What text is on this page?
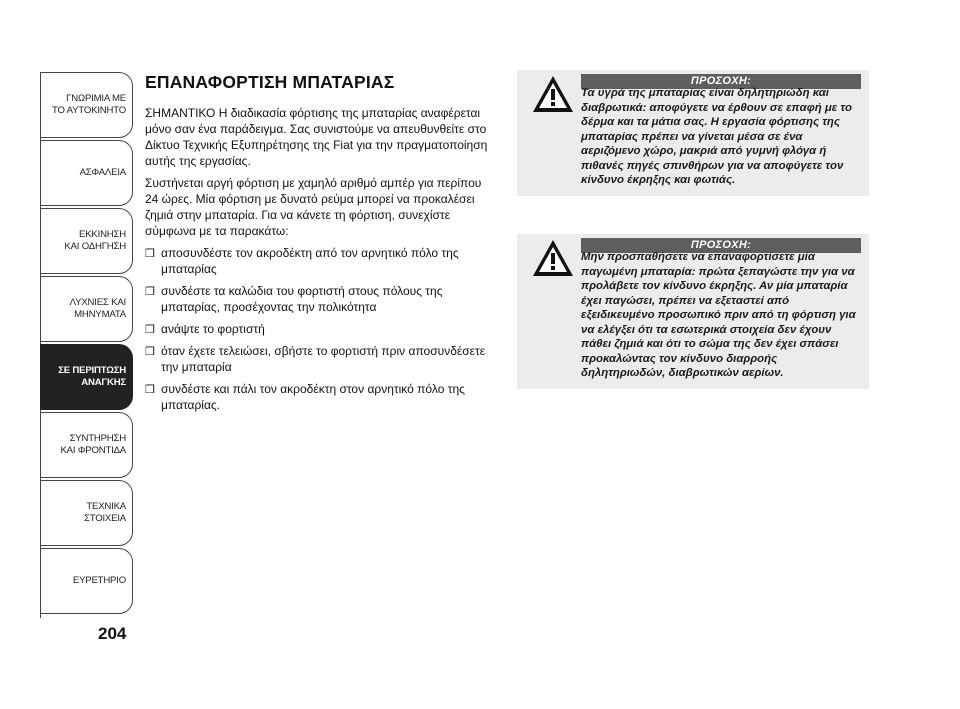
ΓΝΩΡΙΜΙΑ ΜΕ
ΤΟ ΑΥΤΟΚΙΝΗΤΟ
ΑΣΦΑΛΕΙΑ
ΕΚΚΙΝΗΣΗ
ΚΑΙ ΟΔΗΓΗΣΗ
ΛΥΧΝΙΕΣ ΚΑΙ
ΜΗΝΥΜΑΤΑ
ΣΕ ΠΕΡΙΠΤΩΣΗ
ΑΝΑΓΚΗΣ
ΣΥΝΤΗΡΗΣΗ
ΚΑΙ ΦΡΟΝΤΙΔΑ
ΤΕΧΝΙΚΑ
ΣΤΟΙΧΕΙΑ
ΕΥΡΕΤΗΡΙΟ
204
ΕΠΑΝΑΦΟΡΤΙΣΗ ΜΠΑΤΑΡΙΑΣ

ΣΗΜΑΝΤΙΚΟ Η διαδικασία φόρτισης της μπαταρίας αναφέρεται μόνο σαν ένα παράδειγμα. Σας συνιστούμε να απευθυνθείτε στο Δίκτυο Τεχνικής Εξυπηρέτησης της Fiat για την πραγματοποίηση αυτής της εργασίας.

Συστήνεται αργή φόρτιση με χαμηλό αριθμό αμπέρ για περίπου 24 ώρες. Μία φόρτιση με δυνατό ρεύμα μπορεί να προκαλέσει ζημιά στην μπαταρία. Για να κάνετε τη φόρτιση, συνεχίστε σύμφωνα με τα παρακάτω:

❒ αποσυνδέστε τον ακροδέκτη από τον αρνητικό πόλο της μπαταρίας
❒ συνδέστε τα καλώδια του φορτιστή στους πόλους της μπαταρίας, προσέχοντας την πολικότητα
❒ ανάψτε το φορτιστή
❒ όταν έχετε τελειώσει, σβήστε το φορτιστή πριν αποσυνδέσετε την μπαταρία
❒ συνδέστε και πάλι τον ακροδέκτη στον αρνητικό πόλο της μπαταρίας.
ΠΡΟΣΟΧΗ:
Τα υγρά της μπαταρίας είναι δηλητηριώδη και διαβρωτικά: αποφύγετε να έρθουν σε επαφή με το δέρμα και τα μάτια σας. Η εργασία φόρτισης της μπαταρίας πρέπει να γίνεται μέσα σε ένα αεριζόμενο χώρο, μακριά από γυμνή φλόγα ή πιθανές πηγές σπινθήρων για να αποφύγετε τον κίνδυνο έκρηξης και φωτιάς.
ΠΡΟΣΟΧΗ:
Μην προσπαθήσετε να επαναφορτίσετε μία παγωμένη μπαταρία: πρώτα ξεπαγώστε την για να προλάβετε τον κίνδυνο έκρηξης. Αν μία μπαταρία έχει παγώσει, πρέπει να εξεταστεί από εξειδικευμένο προσωπικό πριν από τη φόρτιση για να ελέγξει ότι τα εσωτερικά στοιχεία δεν έχουν πάθει ζημιά και ότι το σώμα της δεν έχει σπάσει προκαλώντας τον κίνδυνο διαρροής δηλητηριωδών, διαβρωτικών αερίων.
